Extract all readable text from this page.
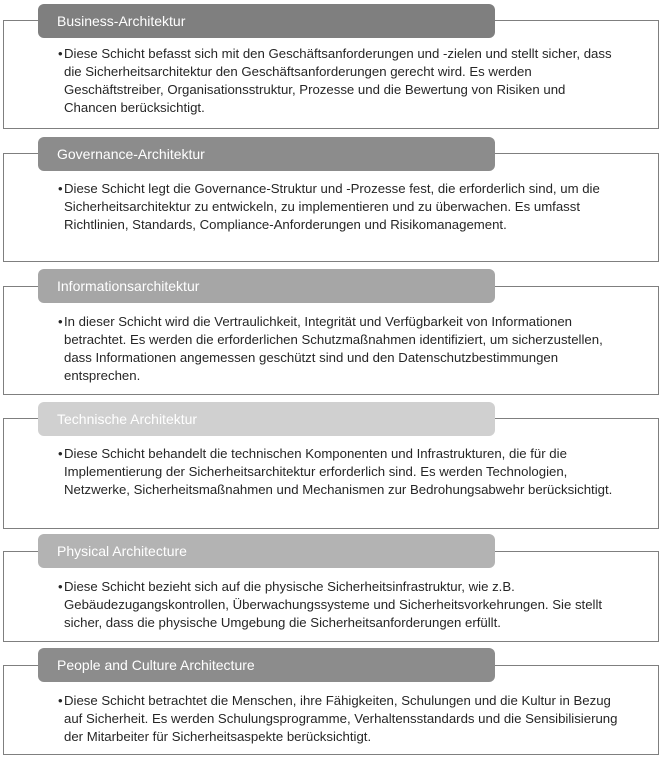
Business-Architektur
• Diese Schicht befasst sich mit den Geschäftsanforderungen und -zielen und stellt sicher, dass die Sicherheitsarchitektur den Geschäftsanforderungen gerecht wird. Es werden Geschäftstreiber, Organisationsstruktur, Prozesse und die Bewertung von Risiken und Chancen berücksichtigt.
Governance-Architektur
• Diese Schicht legt die Governance-Struktur und -Prozesse fest, die erforderlich sind, um die Sicherheitsarchitektur zu entwickeln, zu implementieren und zu überwachen. Es umfasst Richtlinien, Standards, Compliance-Anforderungen und Risikomanagement.
Informationsarchitektur
• In dieser Schicht wird die Vertraulichkeit, Integrität und Verfügbarkeit von Informationen betrachtet. Es werden die erforderlichen Schutzmaßnahmen identifiziert, um sicherzustellen, dass Informationen angemessen geschützt sind und den Datenschutzbestimmungen entsprechen.
Technische Architektur
• Diese Schicht behandelt die technischen Komponenten und Infrastrukturen, die für die Implementierung der Sicherheitsarchitektur erforderlich sind. Es werden Technologien, Netzwerke, Sicherheitsmaßnahmen und Mechanismen zur Bedrohungsabwehr berücksichtigt.
Physical Architecture
• Diese Schicht bezieht sich auf die physische Sicherheitsinfrastruktur, wie z.B. Gebäudezugangskontrollen, Überwachungssysteme und Sicherheitsvorkehrungen. Sie stellt sicher, dass die physische Umgebung die Sicherheitsanforderungen erfüllt.
People and Culture Architecture
• Diese Schicht betrachtet die Menschen, ihre Fähigkeiten, Schulungen und die Kultur in Bezug auf Sicherheit. Es werden Schulungsprogramme, Verhaltensstandards und die Sensibilisierung der Mitarbeiter für Sicherheitsaspekte berücksichtigt.
